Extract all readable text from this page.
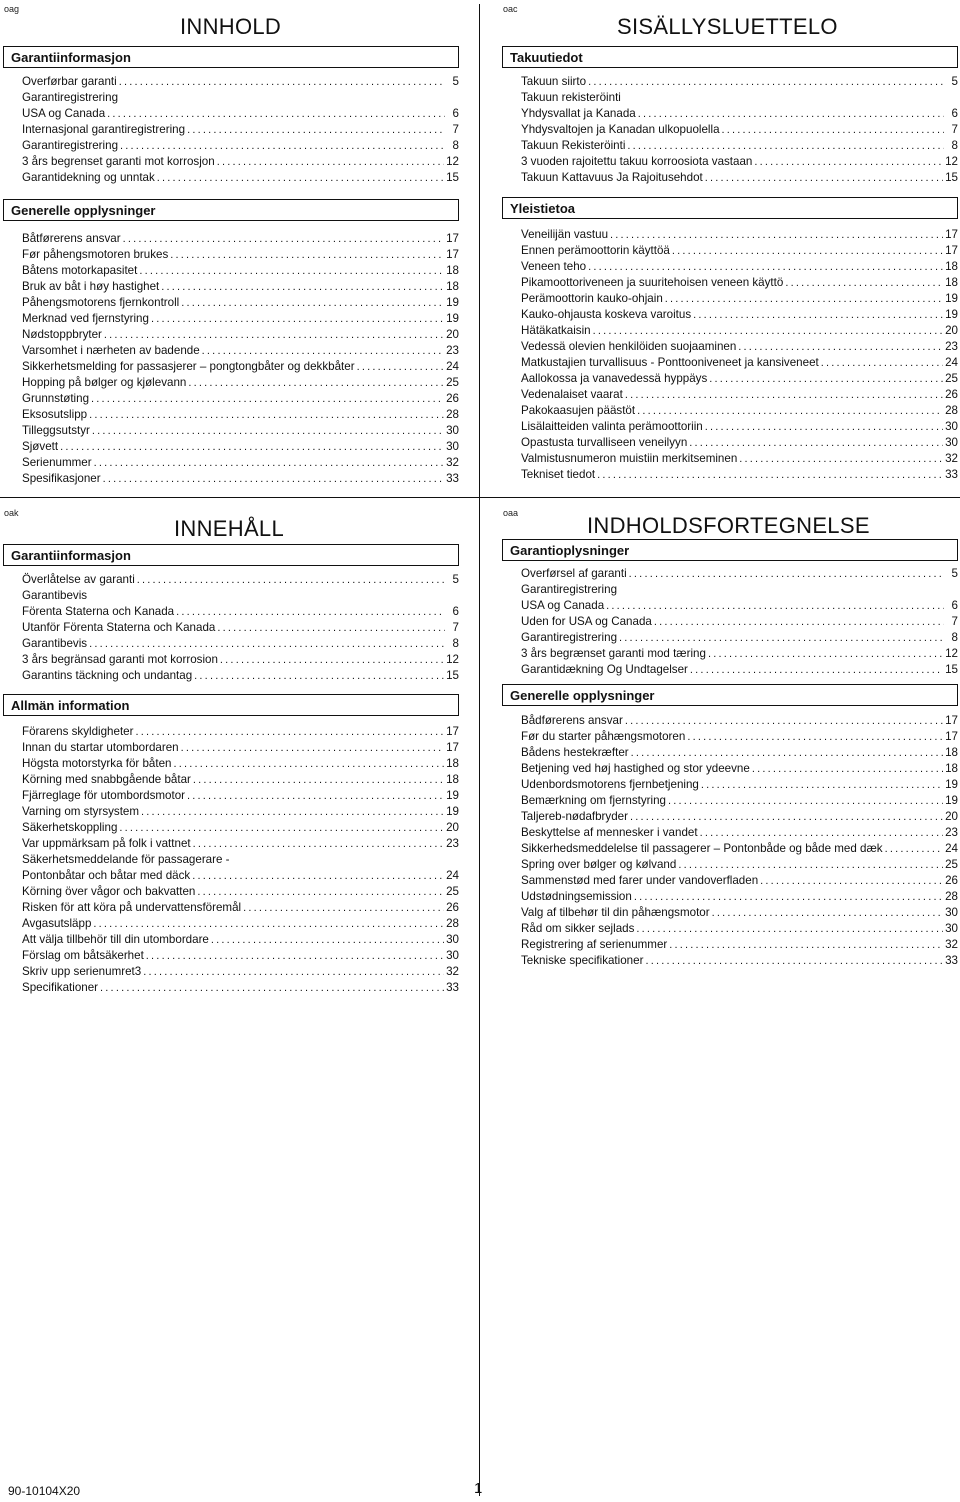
oag
INNHOLD
Garantiinformasjon
Overførbar garanti .....	5
Garantiregistrering
USA og Canada .....	6
Internasjonal garantiregistrering .....	7
Garantiregistrering .....	8
3 års begrenset garanti mot korrosjon .....	12
Garantidekning og unntak .....	15
Generelle opplysninger
Båtførerens ansvar .....	17
Før påhengsmotoren brukes .....	17
Båtens motorkapasitet .....	18
Bruk av båt i høy hastighet .....	18
Påhengsmotorens fjernkontroll .....	19
Merknad ved fjernstyring .....	19
Nødstoppbryter .....	20
Varsomhet i nærheten av badende .....	23
Sikkerhetsmelding for passasjerer – pongtongbåter og dekkbåter .....	24
Hopping på bølger og kjølevann .....	25
Grunnstøting .....	26
Eksosutslipp .....	28
Tilleggsutstyr .....	30
Sjøvett .....	30
Serienummer .....	32
Spesifikasjoner .....	33
oac
SISÄLLYSLUETTELO
Takuutiedot
Takuun siirto .....	5
Takuun rekisteröinti
Yhdysvallat ja Kanada .....	6
Yhdysvaltojen ja Kanadan ulkopuolella .....	7
Takuun Rekisteröinti .....	8
3 vuoden rajoitettu takuu korroosiota vastaan .....	12
Takuun Kattavuus Ja Rajoitusehdot .....	15
Yleistietoa
Veneilijän vastuu .....	17
Ennen perämoottorin käyttöä .....	17
Veneen teho .....	18
Pikamoottoriveneen ja suuritehoisen veneen käyttö .....	18
Perämoottorin kauko-ohjain .....	19
Kauko-ohjausta koskeva varoitus .....	19
Hätäkatkaisin .....	20
Vedessä olevien henkilöiden suojaaminen .....	23
Matkustajien turvallisuus - Ponttooniveneet ja kansiveneet .....	24
Aallokossa ja vanavedessä hyppäys .....	25
Vedenalaiset vaarat .....	26
Pakokaasujen päästöt .....	28
Lisälaitteiden valinta perämoottoriin .....	30
Opastusta turvalliseen veneilyyn .....	30
Valmistusnumeron muistiin merkitseminen .....	32
Tekniset tiedot .....	33
oak
INNEHÅLL
Garantiinformasjon
Överlåtelse av garanti .....	5
Garantibevis
Förenta Staterna och Kanada .....	6
Utanför Förenta Staterna och Kanada .....	7
Garantibevis .....	8
3 års begränsad garanti mot korrosion .....	12
Garantins täckning och undantag .....	15
Allmän information
Förarens skyldigheter .....	17
Innan du startar utombordaren .....	17
Högsta motorstyrka för båten .....	18
Körning med snabbgående båtar .....	18
Fjärreglage för utombordsmotor .....	19
Varning om styrsystem .....	19
Säkerhetskoppling .....	20
Var uppmärksam på folk i vattnet .....	23
Säkerhetsmeddelande för passagerare -
Pontonbåtar och båtar med däck .....	24
Körning över vågor och bakvatten .....	25
Risken för att köra på undervattensföremål .....	26
Avgasutsläpp .....	28
Att välja tillbehör till din utombordare .....	30
Förslag om båtsäkerhet .....	30
Skriv upp serienumret3 .....	32
Specifikationer .....	33
oaa	INDHOLDSFORTEGNELSE
Garantioplysninger
Overførsel af garanti .....	5
Garantiregistrering
USA og Canada .....	6
Uden for USA og Canada .....	7
Garantiregistrering .....	8
3 års begrænset garanti mod tæring .....	12
Garantidækning Og Undtagelser .....	15
Generelle opplysninger
Bådførerens ansvar .....	17
Før du starter påhængsmotoren .....	17
Bådens hestekræfter .....	18
Betjening ved høj hastighed og stor ydeevne .....	18
Udenbordsmotorens fjernbetjening .....	19
Bemærkning om fjernstyring .....	19
Taljereb-nødafbryder .....	20
Beskyttelse af mennesker i vandet .....	23
Sikkerhedsmeddelelse til passagerer – Pontonbåde og både med dæk .....	24
Spring over bølger og kølvand .....	25
Sammenstød med farer under vandoverfladen .....	26
Udstødningsemission .....	28
Valg af tilbehør til din påhængsmotor .....	30
Råd om sikker sejlads .....	30
Registrering af serienummer .....	32
Tekniske specifikationer .....	33
90-10104X20	1
